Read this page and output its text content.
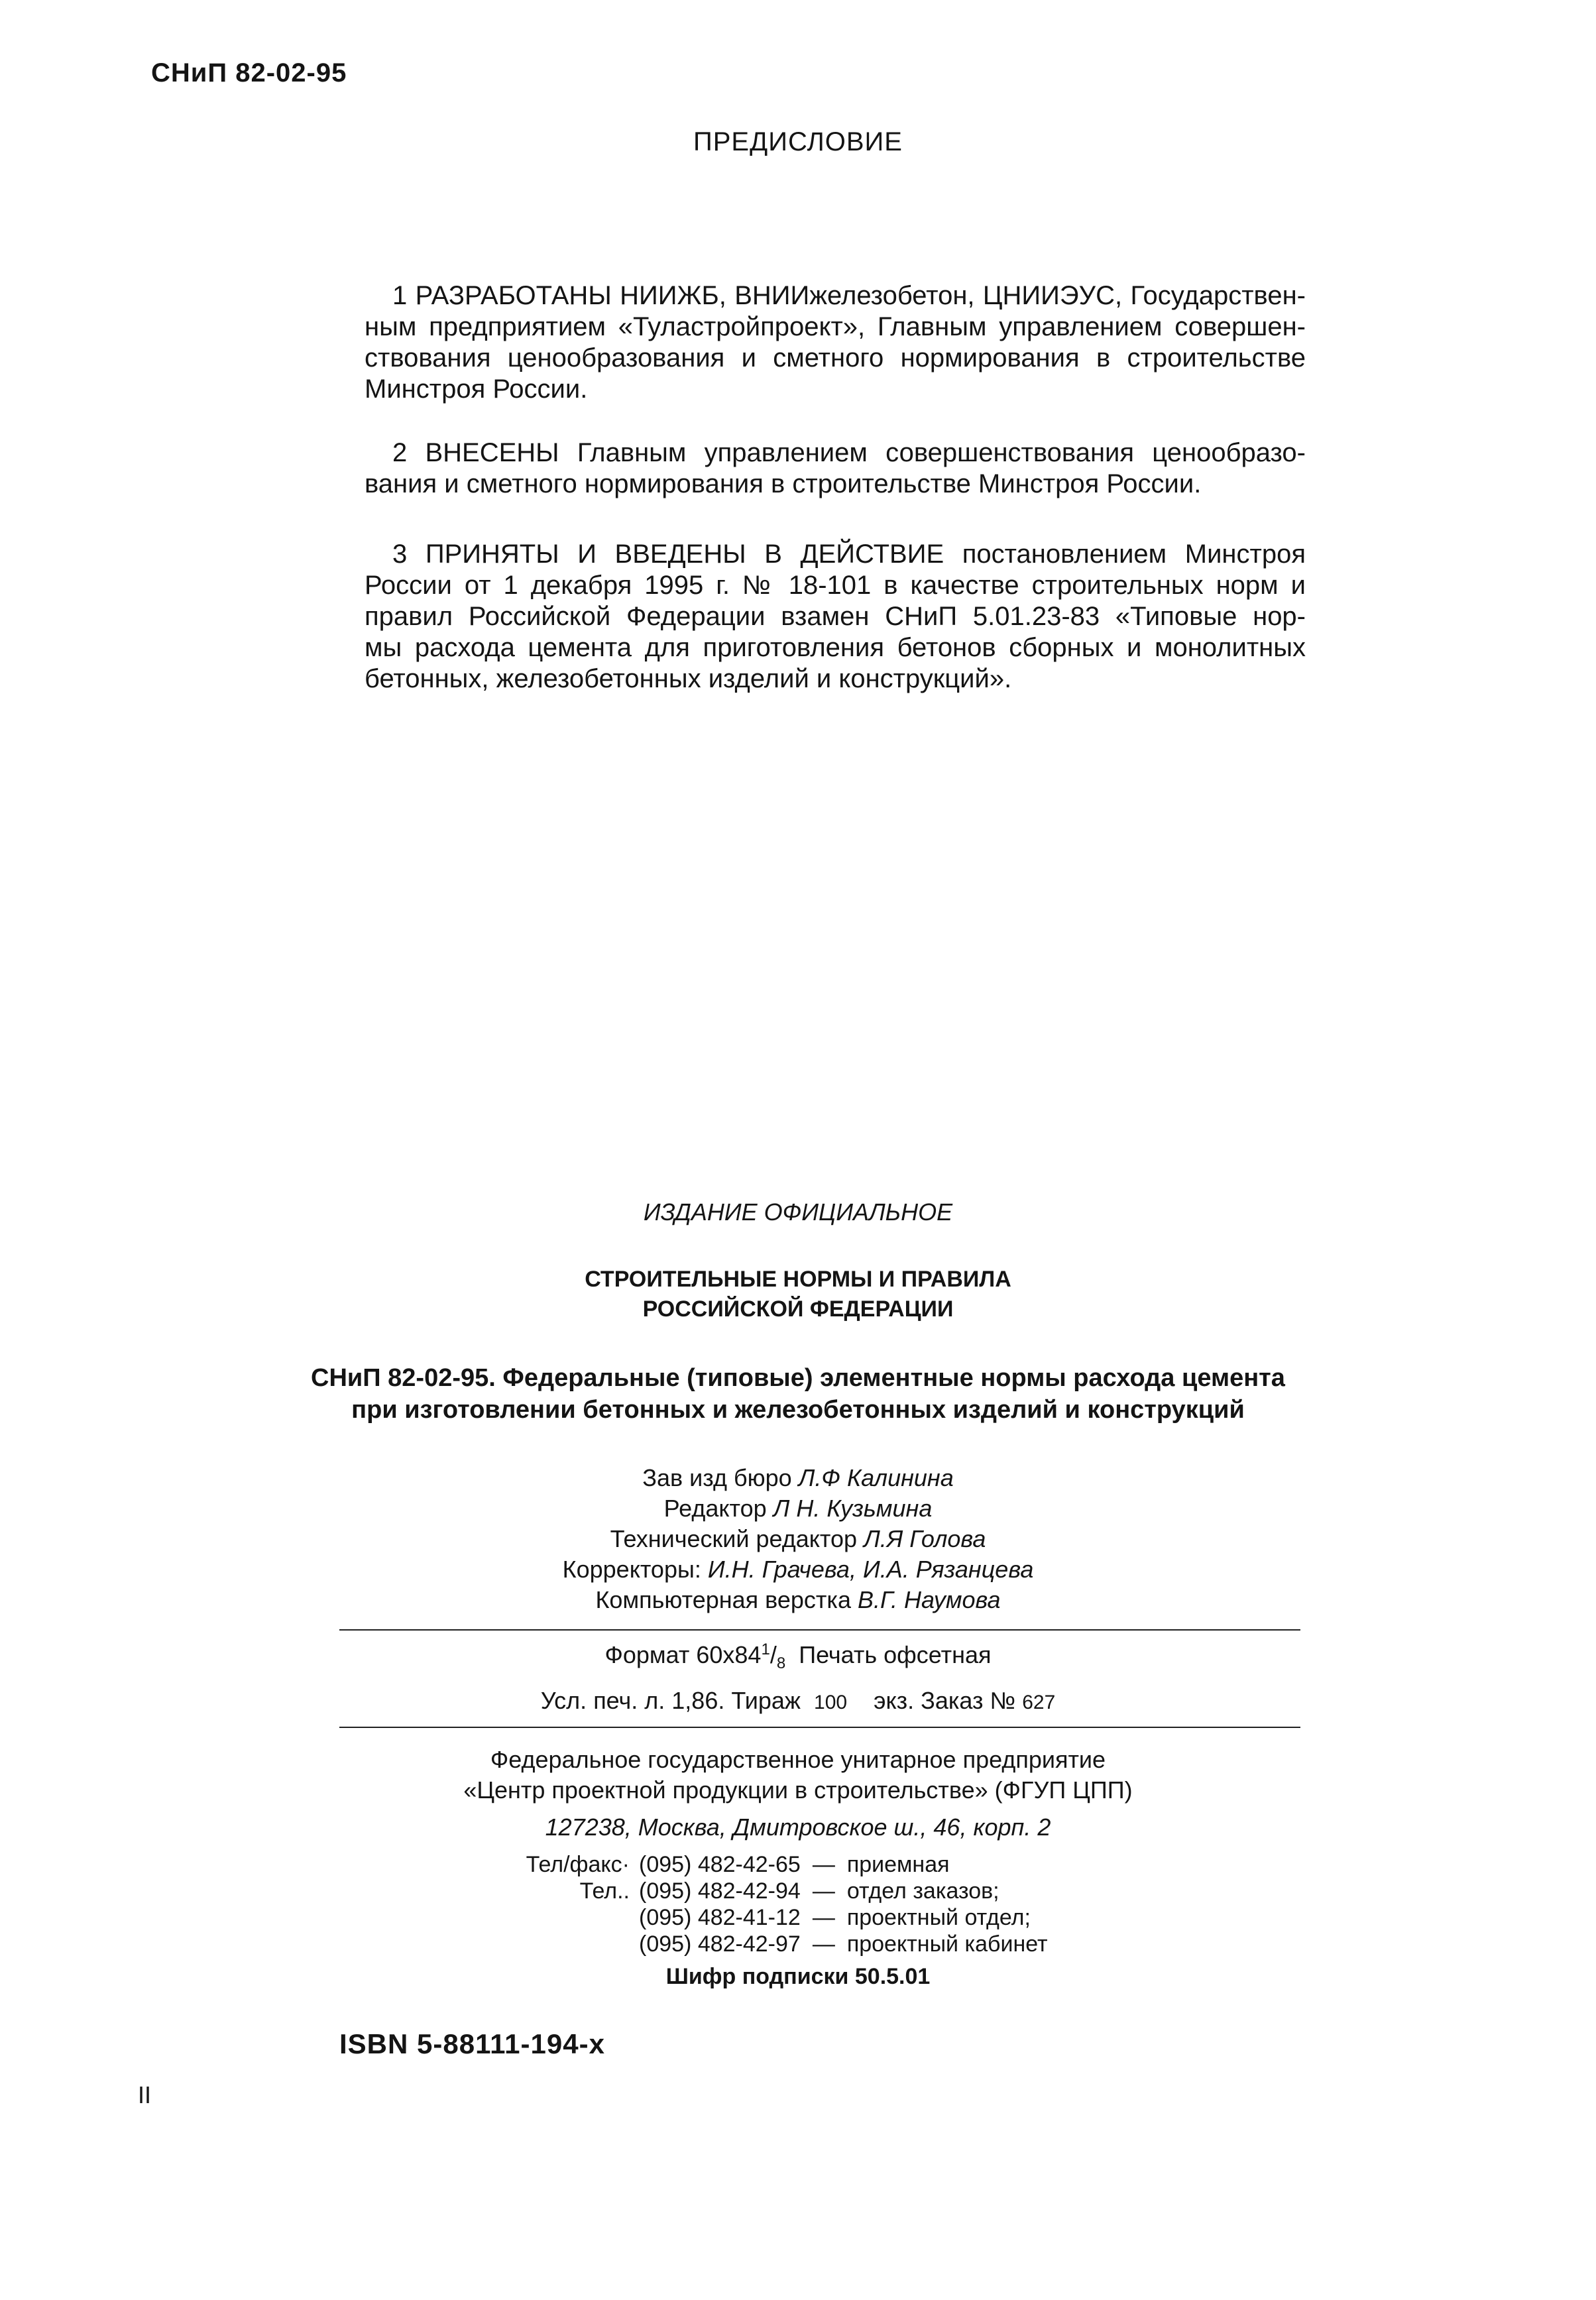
СНиП 82-02-95
ПРЕДИСЛОВИЕ
1 РАЗРАБОТАНЫ НИИЖБ, ВНИИжелезобетон, ЦНИИЭУС, Государствен-
ным предприятием «Туластройпроект», Главным управлением совершен-
ствования ценообразования и сметного нормирования в строительстве
Минстроя России.
2 ВНЕСЕНЫ Главным управлением совершенствования ценообразо-
вания и сметного нормирования в строительстве Минстроя России.
3 ПРИНЯТЫ И ВВЕДЕНЫ В ДЕЙСТВИЕ постановлением Минстроя
России от 1 декабря 1995 г. № 18-101 в качестве строительных норм и
правил Российской Федерации взамен СНиП 5.01.23-83 «Типовые нор-
мы расхода цемента для приготовления бетонов сборных и монолитных
бетонных, железобетонных изделий и конструкций».
ИЗДАНИЕ ОФИЦИАЛЬНОЕ
СТРОИТЕЛЬНЫЕ НОРМЫ И ПРАВИЛА
РОССИЙСКОЙ ФЕДЕРАЦИИ
СНиП 82-02-95. Федеральные (типовые) элементные нормы расхода цемента
при изготовлении бетонных и железобетонных изделий и конструкций
Зав изд бюро Л.Ф Калинина
Редактор Л Н. Кузьмина
Технический редактор Л.Я Голова
Корректоры: И.Н. Грачева, И.А. Рязанцева
Компьютерная верстка В.Г. Наумова
Формат $60х84^1/_8$ Печать офсетная
Усл. печ. л. 1,86. Тираж 100 экз. Заказ № 627
Федеральное государственное унитарное предприятие
«Центр проектной продукции в строительстве» (ФГУП ЦПП)
127238, Москва, Дмитровское ш., 46, корп. 2
Тел/факс·	(095) 482-42-65	—	приемная
Тел..	(095) 482-42-94	—	отдел заказов;
	(095) 482-41-12	—	проектный отдел;
	(095) 482-42-97	—	проектный кабинет
Шифр подписки 50.5.01
ISBN 5-88111-194-х
II
